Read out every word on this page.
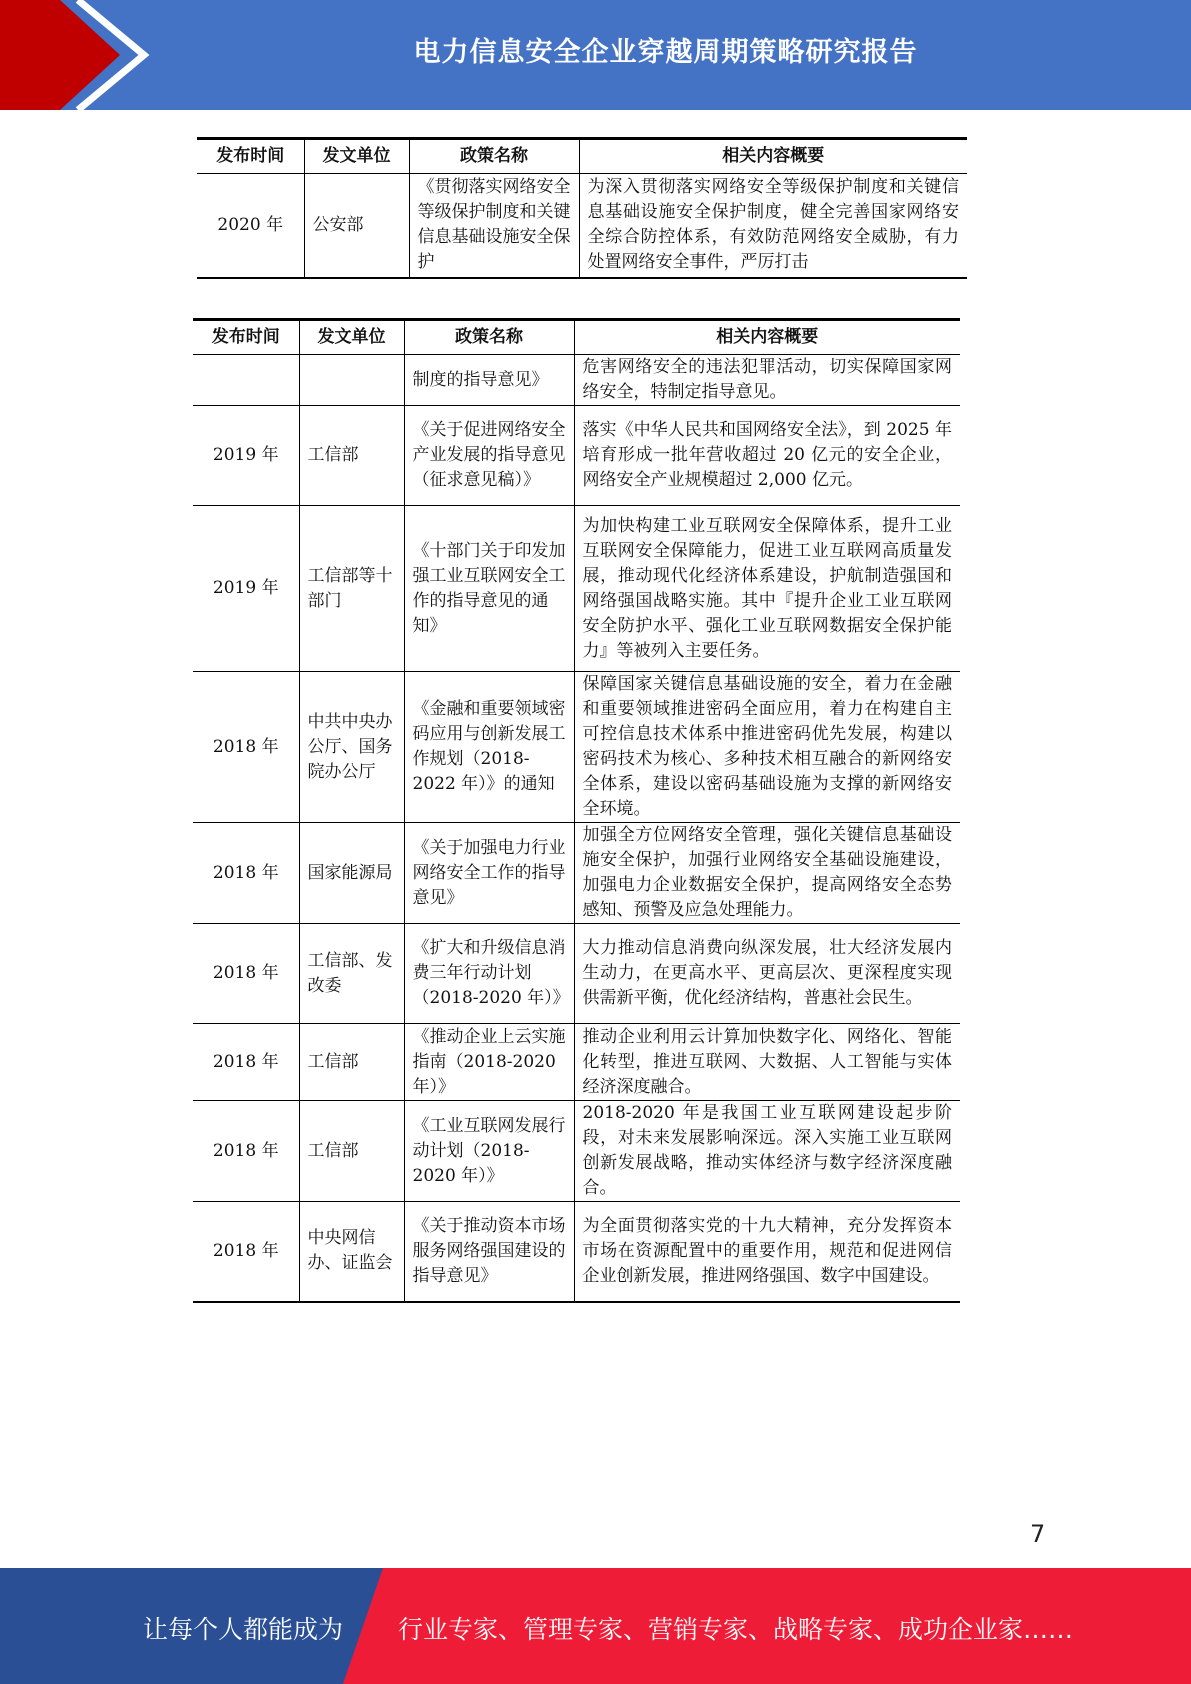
电力信息安全企业穿越周期策略研究报告
发布时间	发文单位	政策名称	相关内容概要
2020 年	公安部	《贯彻落实网络安全等级保护制度和关键信息基础设施安全保护	为深入贯彻落实网络安全等级保护制度和关键信息基础设施安全保护制度，健全完善国家网络安全综合防控体系，有效防范网络安全威胁，有力处置网络安全事件，严厉打击
发布时间	发文单位	政策名称	相关内容概要
		制度的指导意见》	危害网络安全的违法犯罪活动，切实保障国家网络安全，特制定指导意见。
2019 年	工信部	《关于促进网络安全产业发展的指导意见（征求意见稿）》	落实《中华人民共和国网络安全法》，到 2025 年培育形成一批年营收超过 20 亿元的安全企业，网络安全产业规模超过 2,000 亿元。
2019 年	工信部等十部门	《十部门关于印发加强工业互联网安全工作的指导意见的通知》	为加快构建工业互联网安全保障体系，提升工业互联网安全保障能力，促进工业互联网高质量发展，推动现代化经济体系建设，护航制造强国和网络强国战略实施。其中『提升企业工业互联网安全防护水平、强化工业互联网数据安全保护能力』等被列入主要任务。
2018 年	中共中央办公厅、国务院办公厅	《金融和重要领域密码应用与创新发展工作规划（2018-2022 年）》的通知	保障国家关键信息基础设施的安全，着力在金融和重要领域推进密码全面应用，着力在构建自主可控信息技术体系中推进密码优先发展，构建以密码技术为核心、多种技术相互融合的新网络安全体系，建设以密码基础设施为支撑的新网络安全环境。
2018 年	国家能源局	《关于加强电力行业网络安全工作的指导意见》	加强全方位网络安全管理，强化关键信息基础设施安全保护，加强行业网络安全基础设施建设，加强电力企业数据安全保护，提高网络安全态势感知、预警及应急处理能力。
2018 年	工信部、发改委	《扩大和升级信息消费三年行动计划（2018-2020 年）》	大力推动信息消费向纵深发展，壮大经济发展内生动力，在更高水平、更高层次、更深程度实现供需新平衡，优化经济结构，普惠社会民生。
2018 年	工信部	《推动企业上云实施指南（2018-2020 年）》	推动企业利用云计算加快数字化、网络化、智能化转型，推进互联网、大数据、人工智能与实体经济深度融合。
2018 年	工信部	《工业互联网发展行动计划（2018-2020 年）》	2018-2020 年是我国工业互联网建设起步阶段，对未来发展影响深远。深入实施工业互联网创新发展战略，推动实体经济与数字经济深度融合。
2018 年	中央网信办、证监会	《关于推动资本市场服务网络强国建设的指导意见》	为全面贯彻落实党的十九大精神，充分发挥资本市场在资源配置中的重要作用，规范和促进网信企业创新发展，推进网络强国、数字中国建设。
7
让每个人都能成为 行业专家、管理专家、营销专家、战略专家、成功企业家……
